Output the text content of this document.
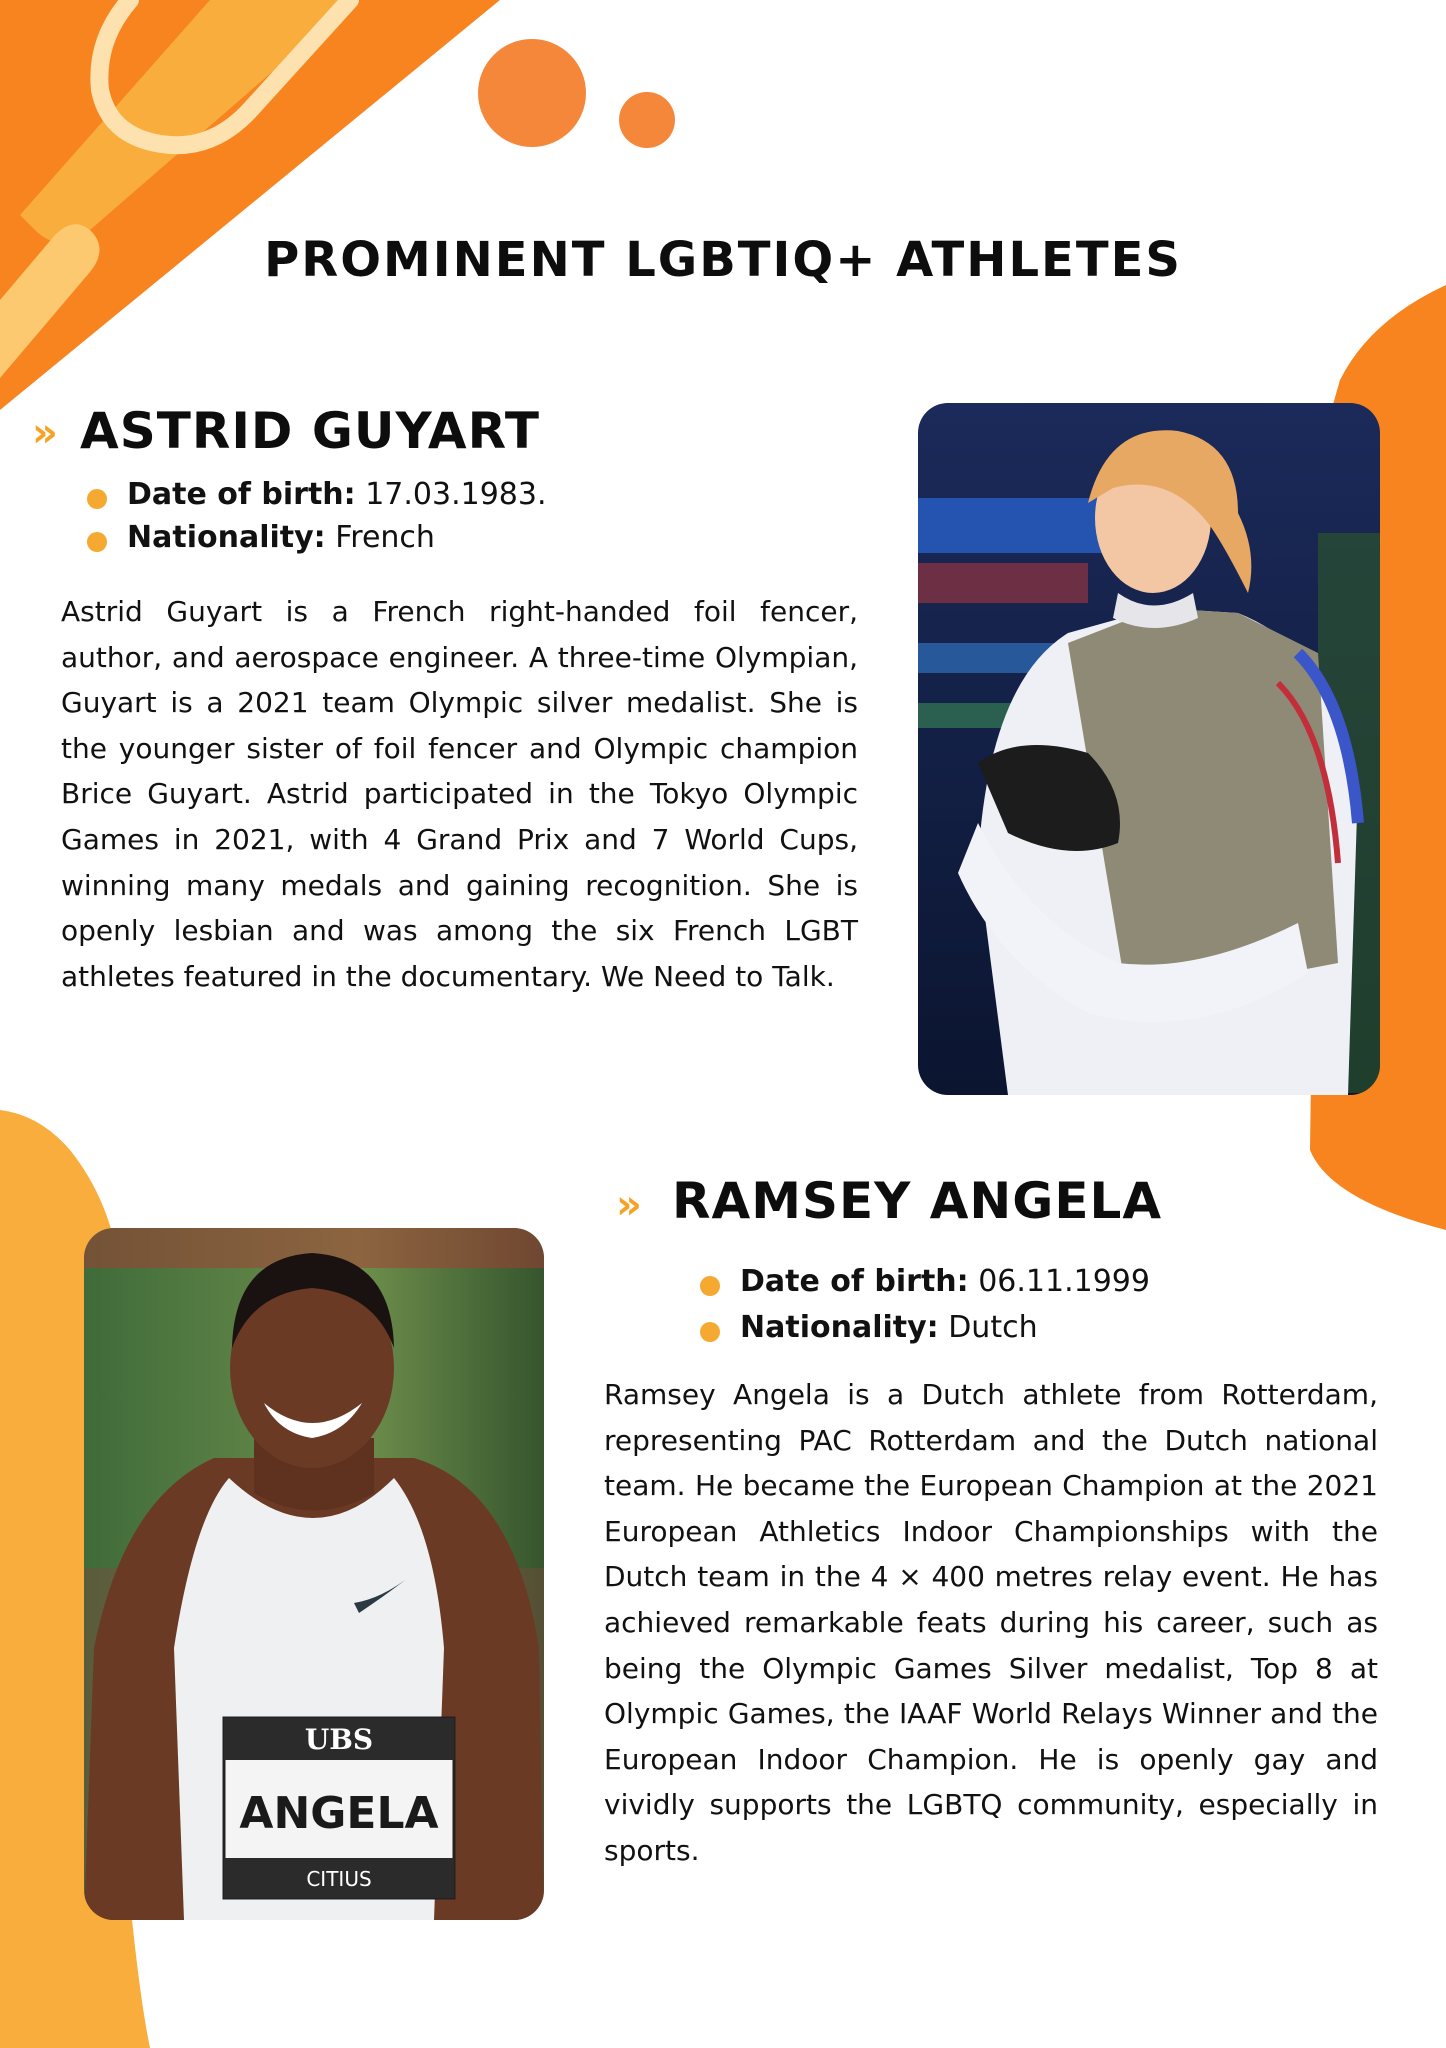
PROMINENT LGBTIQ+ ATHLETES
» ASTRID GUYART
Date of birth: 17.03.1983.
Nationality: French
Astrid Guyart is a French right-handed foil fencer, author, and aerospace engineer. A three-time Olympian, Guyart is a 2021 team Olympic silver medalist. She is the younger sister of foil fencer and Olympic champion Brice Guyart. Astrid participated in the Tokyo Olympic Games in 2021, with 4 Grand Prix and 7 World Cups, winning many medals and gaining recognition. She is openly lesbian and was among the six French LGBT athletes featured in the documentary. We Need to Talk.
» RAMSEY ANGELA
Date of birth: 06.11.1999
Nationality: Dutch
Ramsey Angela is a Dutch athlete from Rotterdam, representing PAC Rotterdam and the Dutch national team. He became the European Champion at the 2021 European Athletics Indoor Championships with the Dutch team in the 4 × 400 metres relay event. He has achieved remarkable feats during his career, such as being the Olympic Games Silver medalist, Top 8 at Olympic Games, the IAAF World Relays Winner and the European Indoor Champion. He is openly gay and vividly supports the LGBTQ community, especially in sports.
UBS
ANGELA
CITIUS
